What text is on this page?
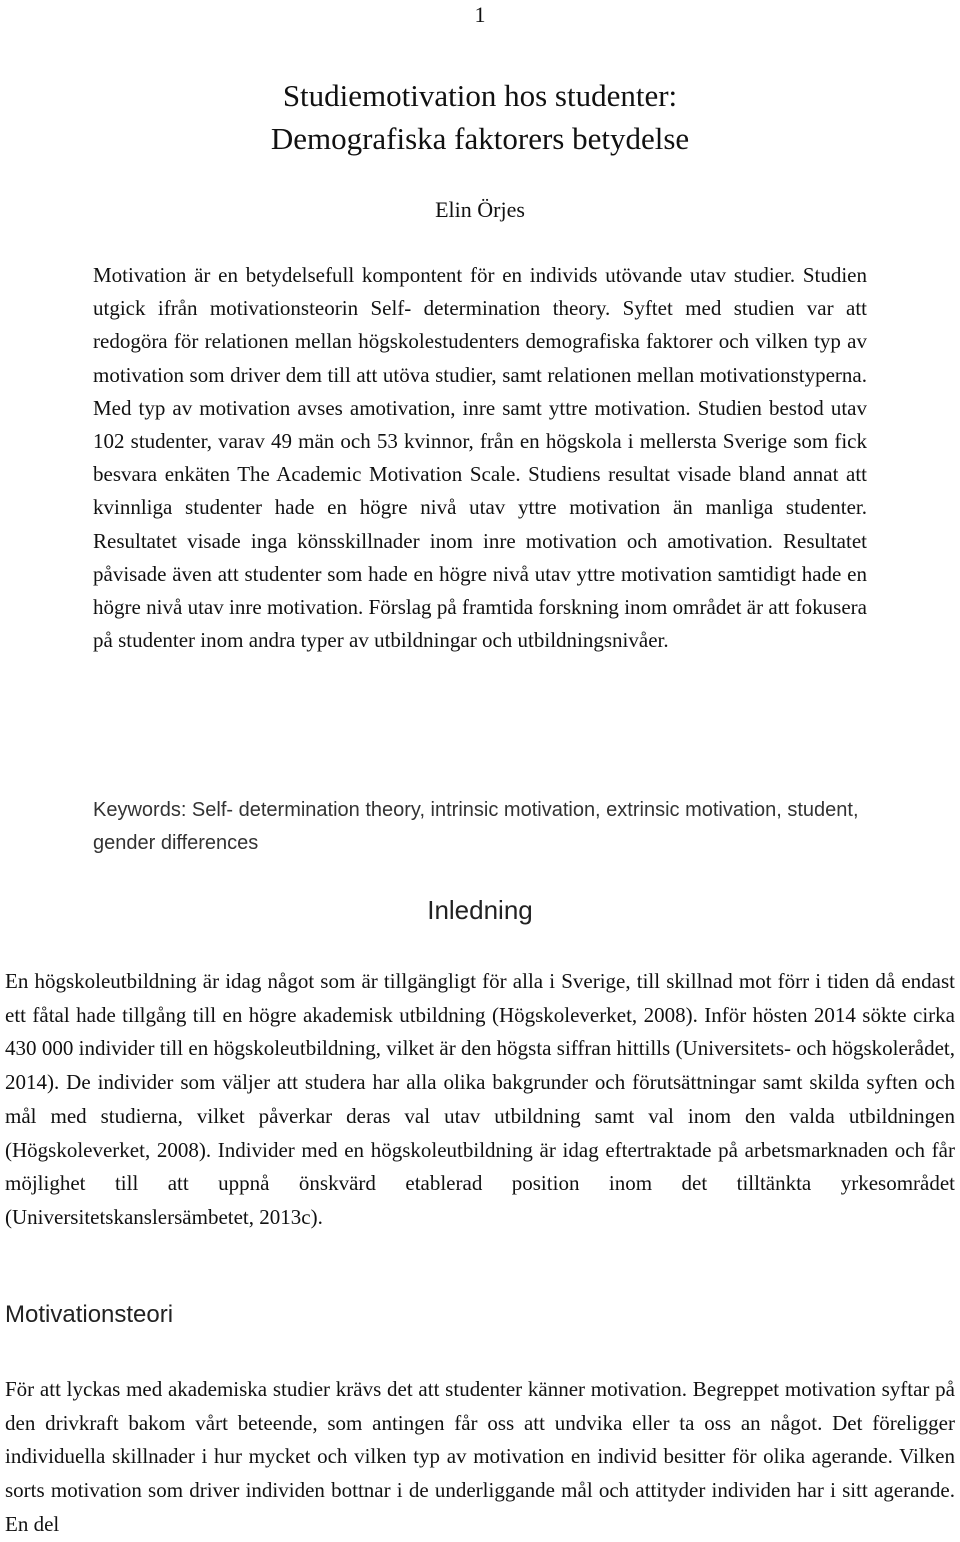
1
Studiemotivation hos studenter:
Demografiska faktorers betydelse
Elin Örjes

Motivation är en betydelsefull kompontent för en individs utövande utav studier. Studien utgick ifrån motivationsteorin Self- determination theory. Syftet med studien var att redogöra för relationen mellan högskolestudenters demografiska faktorer och vilken typ av motivation som driver dem till att utöva studier, samt relationen mellan motivationstyperna. Med typ av motivation avses amotivation, inre samt yttre motivation. Studien bestod utav 102 studenter, varav 49 män och 53 kvinnor, från en högskola i mellersta Sverige som fick besvara enkäten The Academic Motivation Scale. Studiens resultat visade bland annat att kvinnliga studenter hade en högre nivå utav yttre motivation än manliga studenter. Resultatet visade inga könsskillnader inom inre motivation och amotivation. Resultatet påvisade även att studenter som hade en högre nivå utav yttre motivation samtidigt hade en högre nivå utav inre motivation. Förslag på framtida forskning inom området är att fokusera på studenter inom andra typer av utbildningar och utbildningsnivåer.

Keywords: Self- determination theory, intrinsic motivation, extrinsic motivation, student, gender differences
Inledning

En högskoleutbildning är idag något som är tillgängligt för alla i Sverige, till skillnad mot förr i tiden då endast ett fåtal hade tillgång till en högre akademisk utbildning (Högskoleverket, 2008). Inför hösten 2014 sökte cirka 430 000 individer till en högskoleutbildning, vilket är den högsta siffran hittills (Universitets- och högskolerådet, 2014). De individer som väljer att studera har alla olika bakgrunder och förutsättningar samt skilda syften och mål med studierna, vilket påverkar deras val utav utbildning samt val inom den valda utbildningen (Högskoleverket, 2008). Individer med en högskoleutbildning är idag eftertraktade på arbetsmarknaden och får möjlighet till att uppnå önskvärd etablerad position inom det tilltänkta yrkesområdet (Universitetskanslersämbetet, 2013c).

Motivationsteori

För att lyckas med akademiska studier krävs det att studenter känner motivation. Begreppet motivation syftar på den drivkraft bakom vårt beteende, som antingen får oss att undvika eller ta oss an något. Det föreligger individuella skillnader i hur mycket och vilken typ av motivation en individ besitter för olika agerande. Vilken sorts motivation som driver individen bottnar i de underliggande mål och attityder individen har i sitt agerande. En del
